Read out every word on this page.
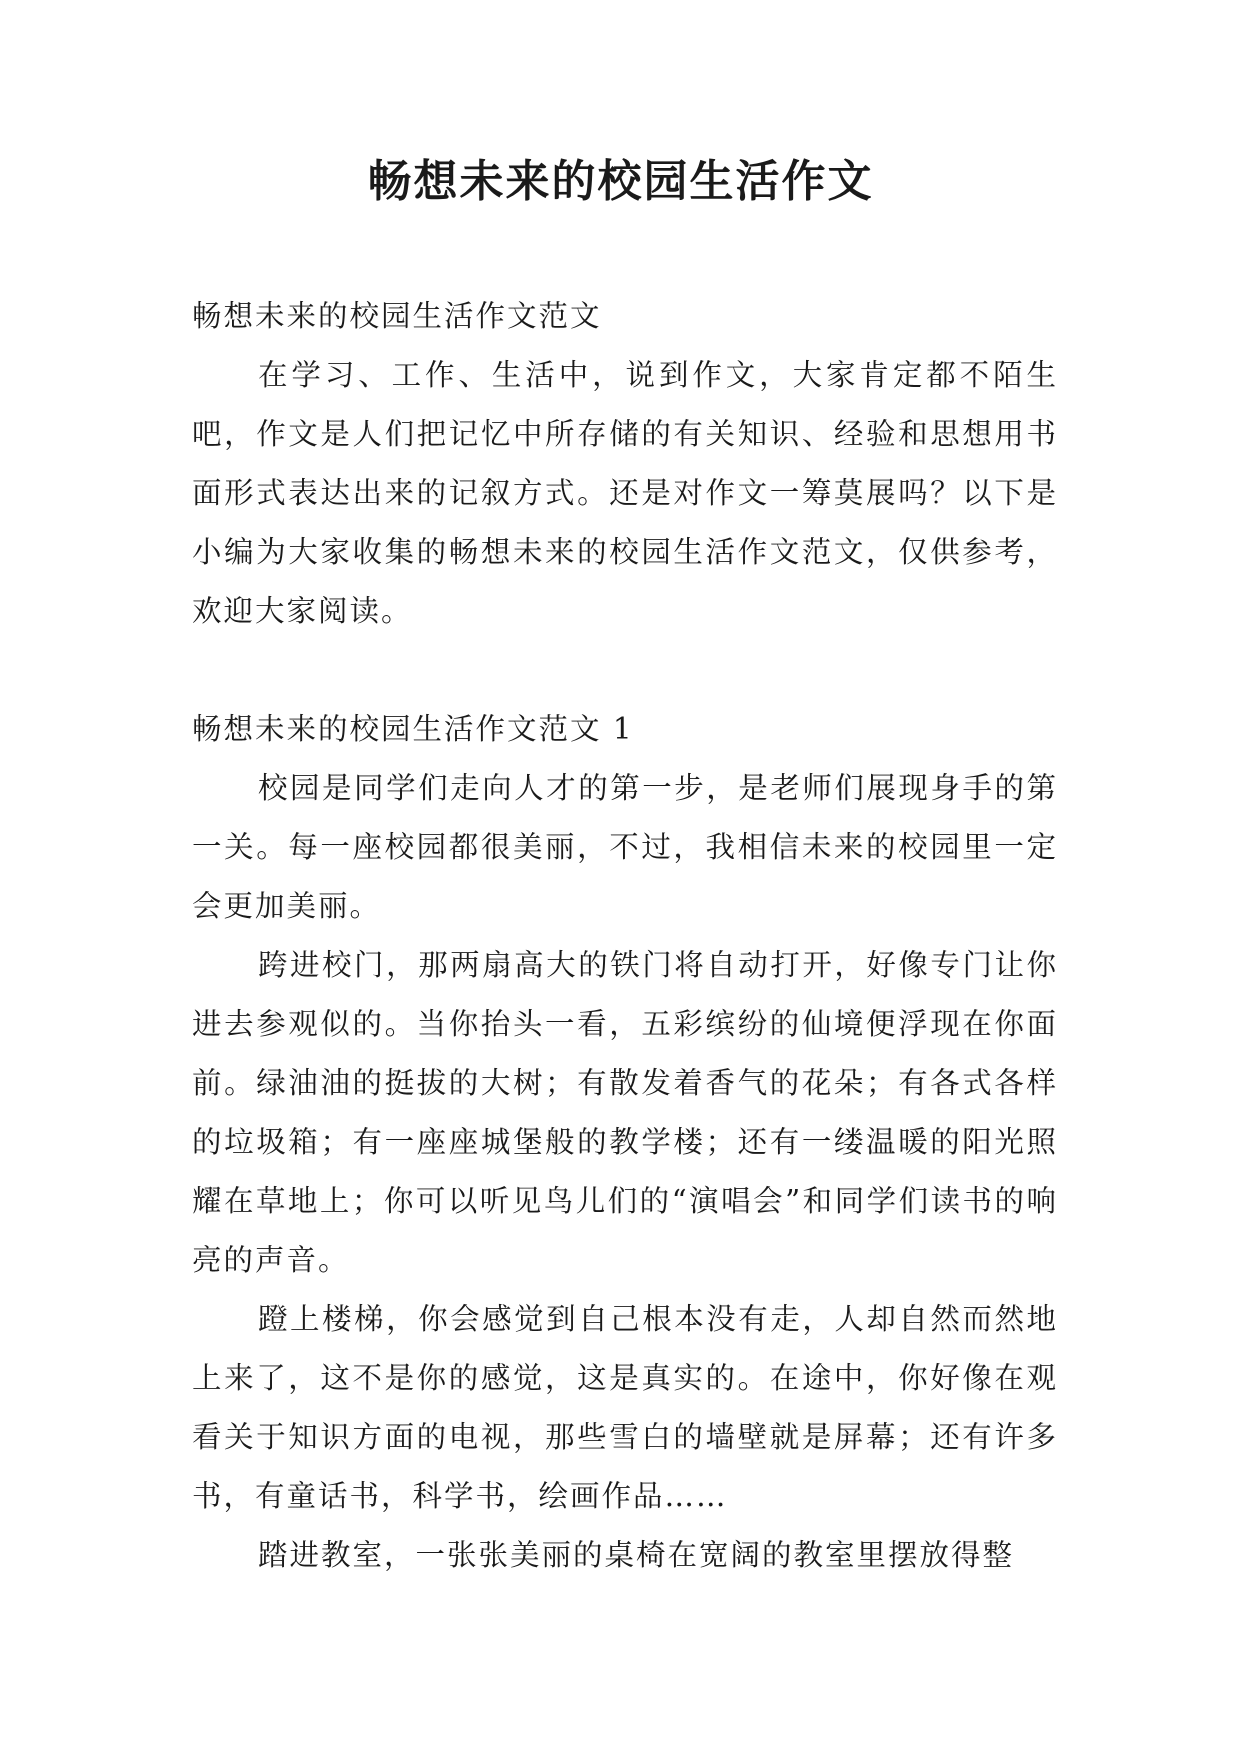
畅想未来的校园生活作文

畅想未来的校园生活作文范文

在学习、工作、生活中，说到作文，大家肯定都不陌生吧，作文是人们把记忆中所存储的有关知识、经验和思想用书面形式表达出来的记叙方式。还是对作文一筹莫展吗？以下是小编为大家收集的畅想未来的校园生活作文范文，仅供参考，欢迎大家阅读。

畅想未来的校园生活作文范文 1

校园是同学们走向人才的第一步，是老师们展现身手的第一关。每一座校园都很美丽，不过，我相信未来的校园里一定会更加美丽。

跨进校门，那两扇高大的铁门将自动打开，好像专门让你进去参观似的。当你抬头一看，五彩缤纷的仙境便浮现在你面前。绿油油的挺拔的大树；有散发着香气的花朵；有各式各样的垃圾箱；有一座座城堡般的教学楼；还有一缕温暖的阳光照耀在草地上；你可以听见鸟儿们的“演唱会”和同学们读书的响亮的声音。

蹬上楼梯，你会感觉到自己根本没有走，人却自然而然地上来了，这不是你的感觉，这是真实的。在途中，你好像在观看关于知识方面的电视，那些雪白的墙壁就是屏幕；还有许多书，有童话书，科学书，绘画作品……

踏进教室，一张张美丽的桌椅在宽阔的教室里摆放得整
